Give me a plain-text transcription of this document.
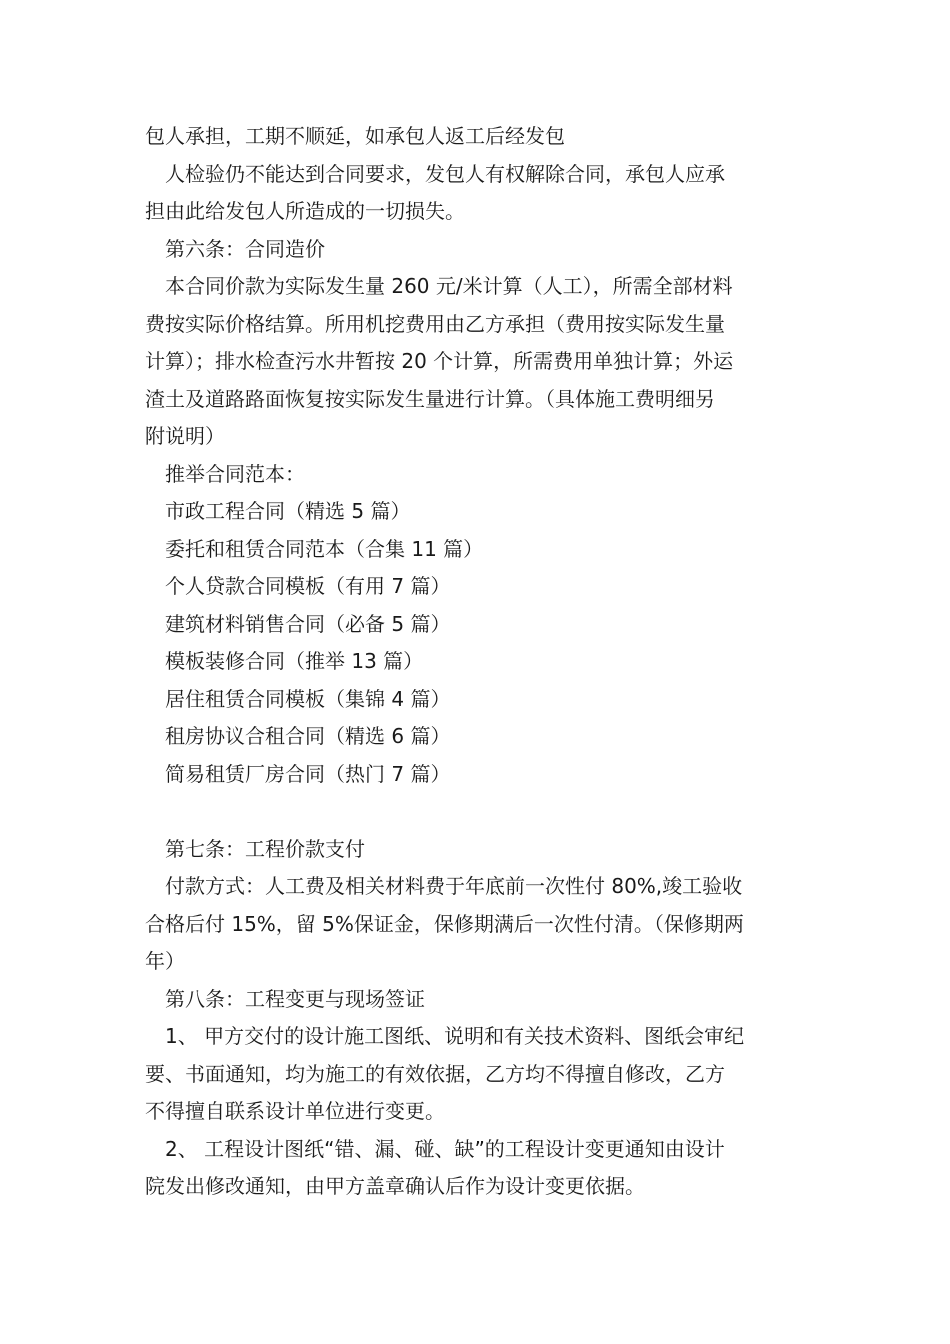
包人承担，工期不顺延，如承包人返工后经发包

　人检验仍不能达到合同要求，发包人有权解除合同，承包人应承

担由此给发包人所造成的一切损失。

　第六条：合同造价

　本合同价款为实际发生量 260 元/米计算（人工），所需全部材料

费按实际价格结算。所用机挖费用由乙方承担（费用按实际发生量

计算）；排水检查污水井暂按 20 个计算，所需费用单独计算；外运

渣土及道路路面恢复按实际发生量进行计算。（具体施工费明细另

附说明）

　推举合同范本：

　市政工程合同（精选 5 篇）

　委托和租赁合同范本（合集 11 篇）

　个人贷款合同模板（有用 7 篇）

　建筑材料销售合同（必备 5 篇）

　模板装修合同（推举 13 篇）

　居住租赁合同模板（集锦 4 篇）

　租房协议合租合同（精选 6 篇）

　简易租赁厂房合同（热门 7 篇）

　第七条：工程价款支付

　付款方式：人工费及相关材料费于年底前一次性付 80%,竣工验收

合格后付 15%，留 5%保证金，保修期满后一次性付清。（保修期两

年）

　第八条：工程变更与现场签证

　1、 甲方交付的设计施工图纸、说明和有关技术资料、图纸会审纪

要、书面通知，均为施工的有效依据，乙方均不得擅自修改，乙方

不得擅自联系设计单位进行变更。

　2、 工程设计图纸“错、漏、碰、缺”的工程设计变更通知由设计

院发出修改通知，由甲方盖章确认后作为设计变更依据。
